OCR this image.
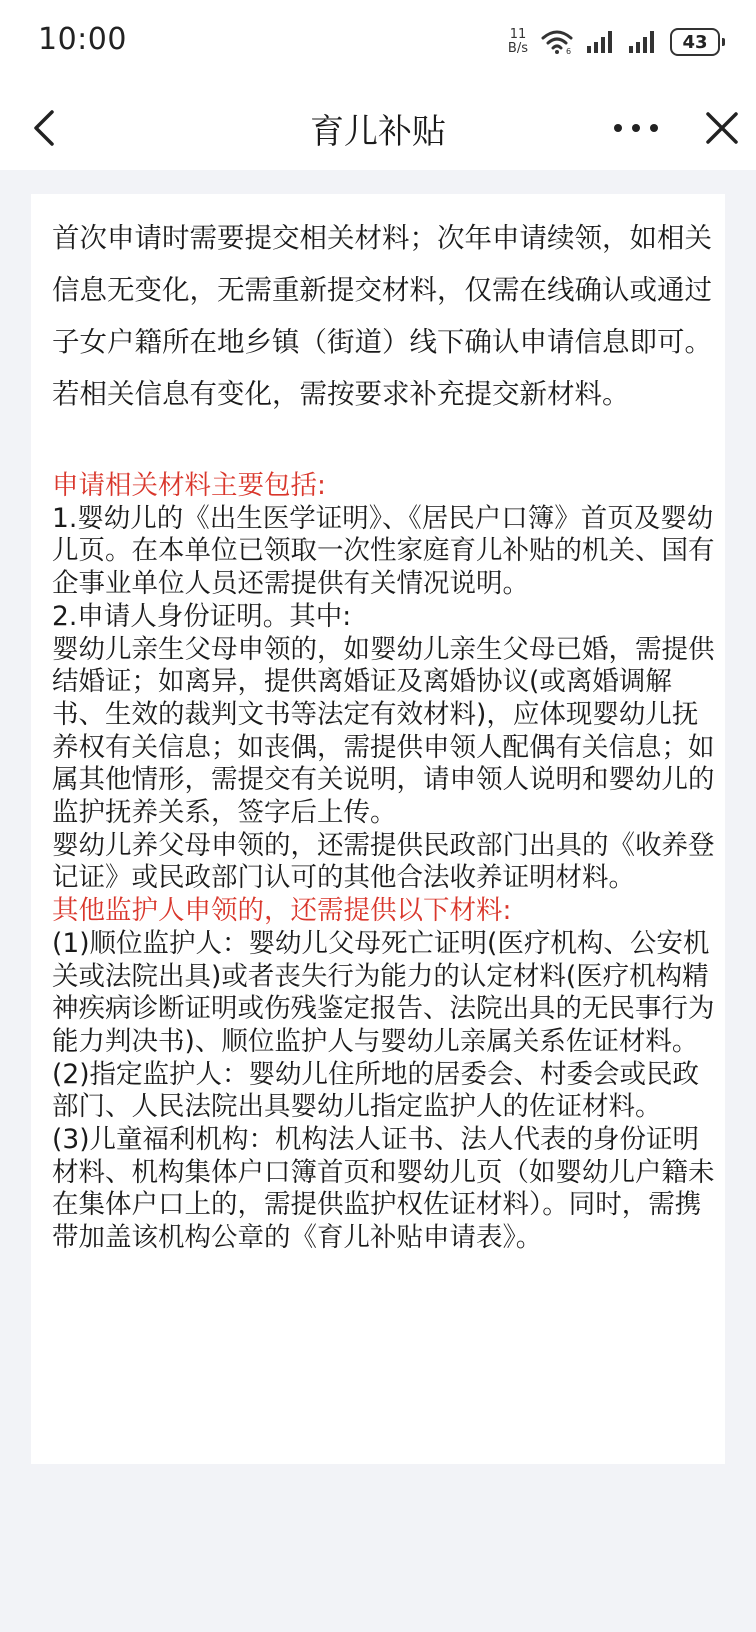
10:00	11
B/s	6	43
育儿补贴

首次申请时需要提交相关材料；次年申请续领，如相关信息无变化，无需重新提交材料，仅需在线确认或通过子女户籍所在地乡镇（街道）线下确认申请信息即可。若相关信息有变化，需按要求补充提交新材料。

申请相关材料主要包括:

1.婴幼儿的《出生医学证明》、《居民户口簿》首页及婴幼儿页。在本单位已领取一次性家庭育儿补贴的机关、国有企事业单位人员还需提供有关情况说明。

2.申请人身份证明。其中:

婴幼儿亲生父母申领的，如婴幼儿亲生父母已婚，需提供结婚证；如离异，提供离婚证及离婚协议(或离婚调解书、生效的裁判文书等法定有效材料)，应体现婴幼儿抚养权有关信息；如丧偶，需提供申领人配偶有关信息；如属其他情形，需提交有关说明，请申领人说明和婴幼儿的监护抚养关系，签字后上传。

婴幼儿养父母申领的，还需提供民政部门出具的《收养登记证》或民政部门认可的其他合法收养证明材料。

其他监护人申领的，还需提供以下材料:

(1)顺位监护人：婴幼儿父母死亡证明(医疗机构、公安机关或法院出具)或者丧失行为能力的认定材料(医疗机构精神疾病诊断证明或伤残鉴定报告、法院出具的无民事行为能力判决书)、顺位监护人与婴幼儿亲属关系佐证材料。

(2)指定监护人：婴幼儿住所地的居委会、村委会或民政部门、人民法院出具婴幼儿指定监护人的佐证材料。

(3)儿童福利机构：机构法人证书、法人代表的身份证明材料、机构集体户口簿首页和婴幼儿页（如婴幼儿户籍未在集体户口上的，需提供监护权佐证材料）。同时，需携带加盖该机构公章的《育儿补贴申请表》。
